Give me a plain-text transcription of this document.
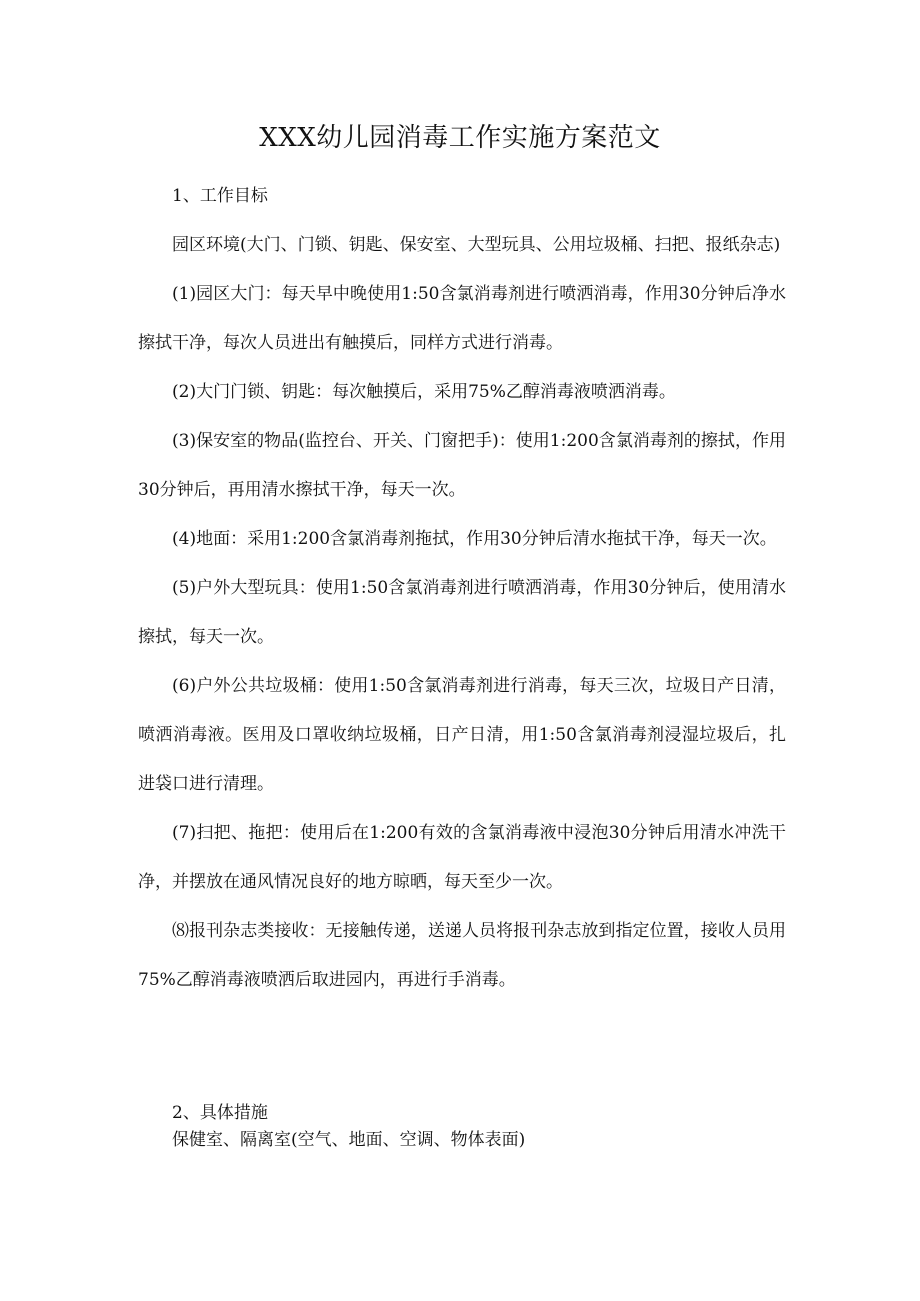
XXX幼儿园消毒工作实施方案范文

1、工作目标

园区环境(大门、门锁、钥匙、保安室、大型玩具、公用垃圾桶、扫把、报纸杂志)

(1)园区大门：每天早中晚使用1:50含氯消毒剂进行喷洒消毒，作用30分钟后净水擦拭干净，每次人员进出有触摸后，同样方式进行消毒。

(2)大门门锁、钥匙：每次触摸后，采用75%乙醇消毒液喷洒消毒。

(3)保安室的物品(监控台、开关、门窗把手)：使用1:200含氯消毒剂的擦拭，作用30分钟后，再用清水擦拭干净，每天一次。

(4)地面：采用1:200含氯消毒剂拖拭，作用30分钟后清水拖拭干净，每天一次。

(5)户外大型玩具：使用1:50含氯消毒剂进行喷洒消毒，作用30分钟后，使用清水擦拭，每天一次。

(6)户外公共垃圾桶：使用1:50含氯消毒剂进行消毒，每天三次，垃圾日产日清，喷洒消毒液。医用及口罩收纳垃圾桶，日产日清，用1:50含氯消毒剂浸湿垃圾后，扎进袋口进行清理。

(7)扫把、拖把：使用后在1:200有效的含氯消毒液中浸泡30分钟后用清水冲洗干净，并摆放在通风情况良好的地方晾晒，每天至少一次。

⑻报刊杂志类接收：无接触传递，送递人员将报刊杂志放到指定位置，接收人员用75%乙醇消毒液喷洒后取进园内，再进行手消毒。

2、具体措施

保健室、隔离室(空气、地面、空调、物体表面)
